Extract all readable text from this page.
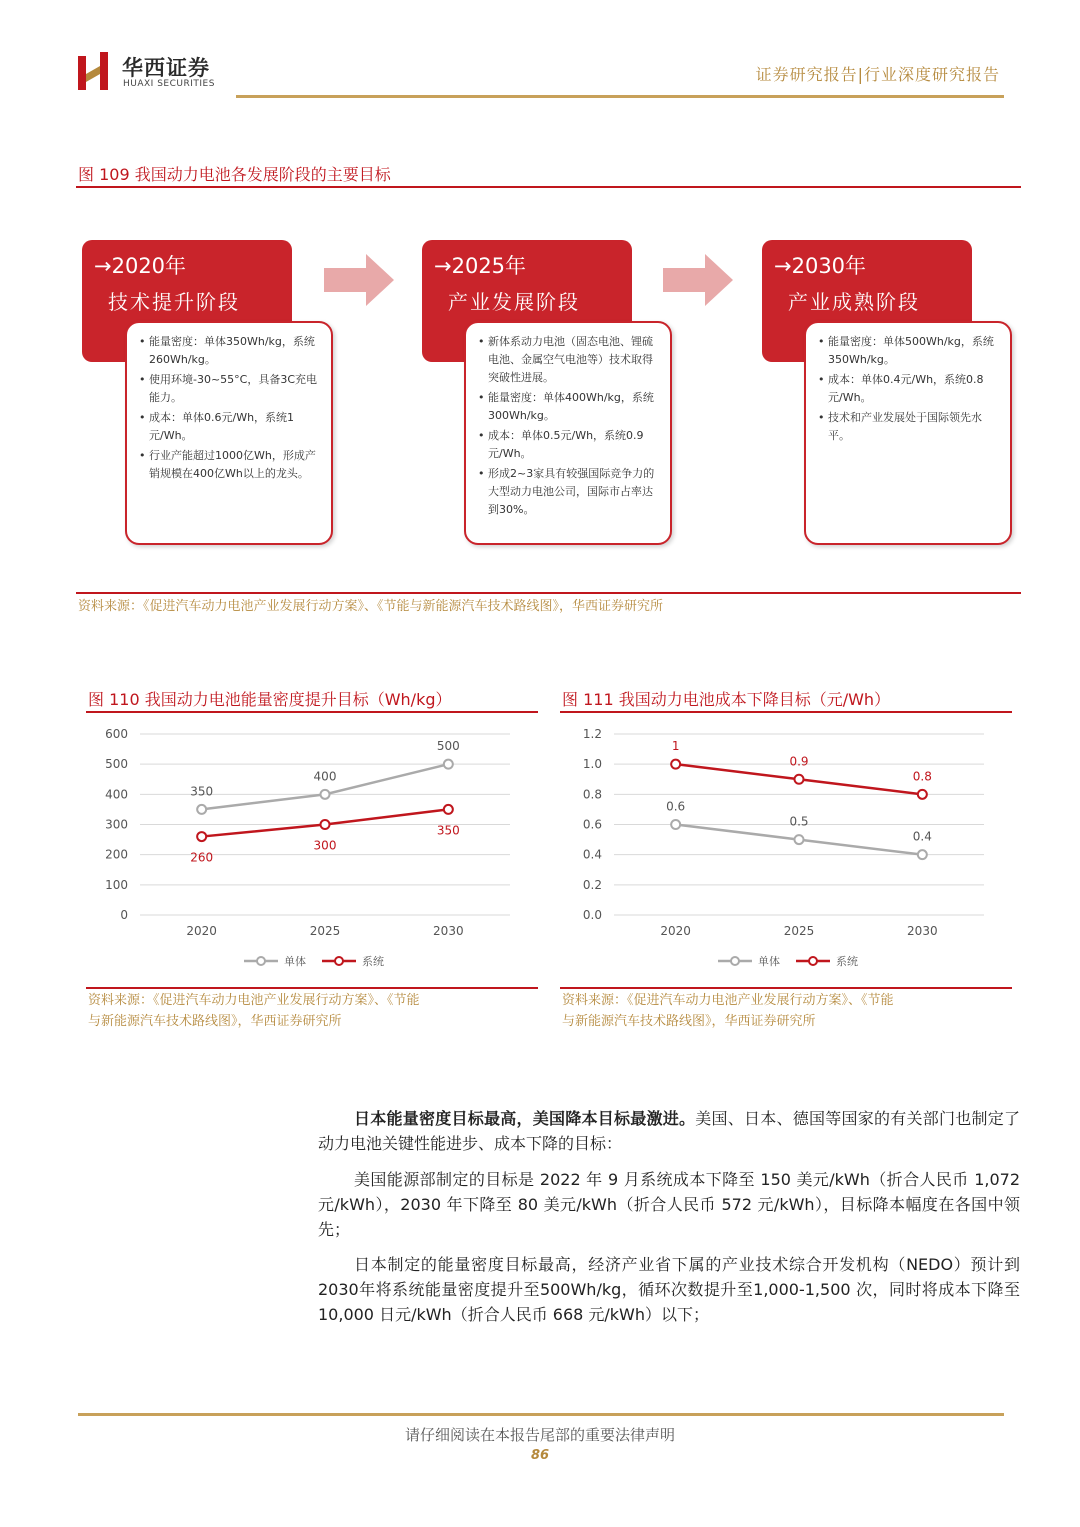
华西证券
HUAXI SECURITIES	证券研究报告|行业深度研究报告
图 109 我国动力电池各发展阶段的主要目标
→2020年
技术提升阶段
• 能量密度：单体350Wh/kg，系统260Wh/kg。
• 使用环境-30~55°C，具备3C充电能力。
• 成本：单体0.6元/Wh，系统1元/Wh。
• 行业产能超过1000亿Wh，形成产销规模在400亿Wh以上的龙头。
→2025年
产业发展阶段
• 新体系动力电池（固态电池、锂硫电池、金属空气电池等）技术取得突破性进展。
• 能量密度：单体400Wh/kg，系统300Wh/kg。
• 成本：单体0.5元/Wh，系统0.9元/Wh。
• 形成2~3家具有较强国际竞争力的大型动力电池公司，国际市占率达到30%。
→2030年
产业成熟阶段
• 能量密度：单体500Wh/kg，系统350Wh/kg。
• 成本：单体0.4元/Wh，系统0.8元/Wh。
• 技术和产业发展处于国际领先水平。
资料来源：《促进汽车动力电池产业发展行动方案》、《节能与新能源汽车技术路线图》，华西证券研究所
图 110 我国动力电池能量密度提升目标（Wh/kg）
0
100
200
300
400
500
600
2020	2025	2030
350
400
500
260
300
350
单体	系统
资料来源：《促进汽车动力电池产业发展行动方案》、《节能
与新能源汽车技术路线图》，华西证券研究所
图 111 我国动力电池成本下降目标（元/Wh）
0.0
0.2
0.4
0.6
0.8
1.0
1.2
2020	2025	2030
0.6
0.5
0.4
1
0.9
0.8
单体	系统
资料来源：《促进汽车动力电池产业发展行动方案》、《节能
与新能源汽车技术路线图》，华西证券研究所
日本能量密度目标最高，美国降本目标最激进。美国、日本、德国等国家的有关部门也制定了动力电池关键性能进步、成本下降的目标：
美国能源部制定的目标是 2022 年 9 月系统成本下降至 150 美元/kWh（折合人民币 1,072 元/kWh），2030 年下降至 80 美元/kWh（折合人民币 572 元/kWh），目标降本幅度在各国中领先；
日本制定的能量密度目标最高，经济产业省下属的产业技术综合开发机构（NEDO）预计到2030年将系统能量密度提升至500Wh/kg，循环次数提升至1,000-1,500 次，同时将成本下降至 10,000 日元/kWh（折合人民币 668 元/kWh）以下；
请仔细阅读在本报告尾部的重要法律声明
86
